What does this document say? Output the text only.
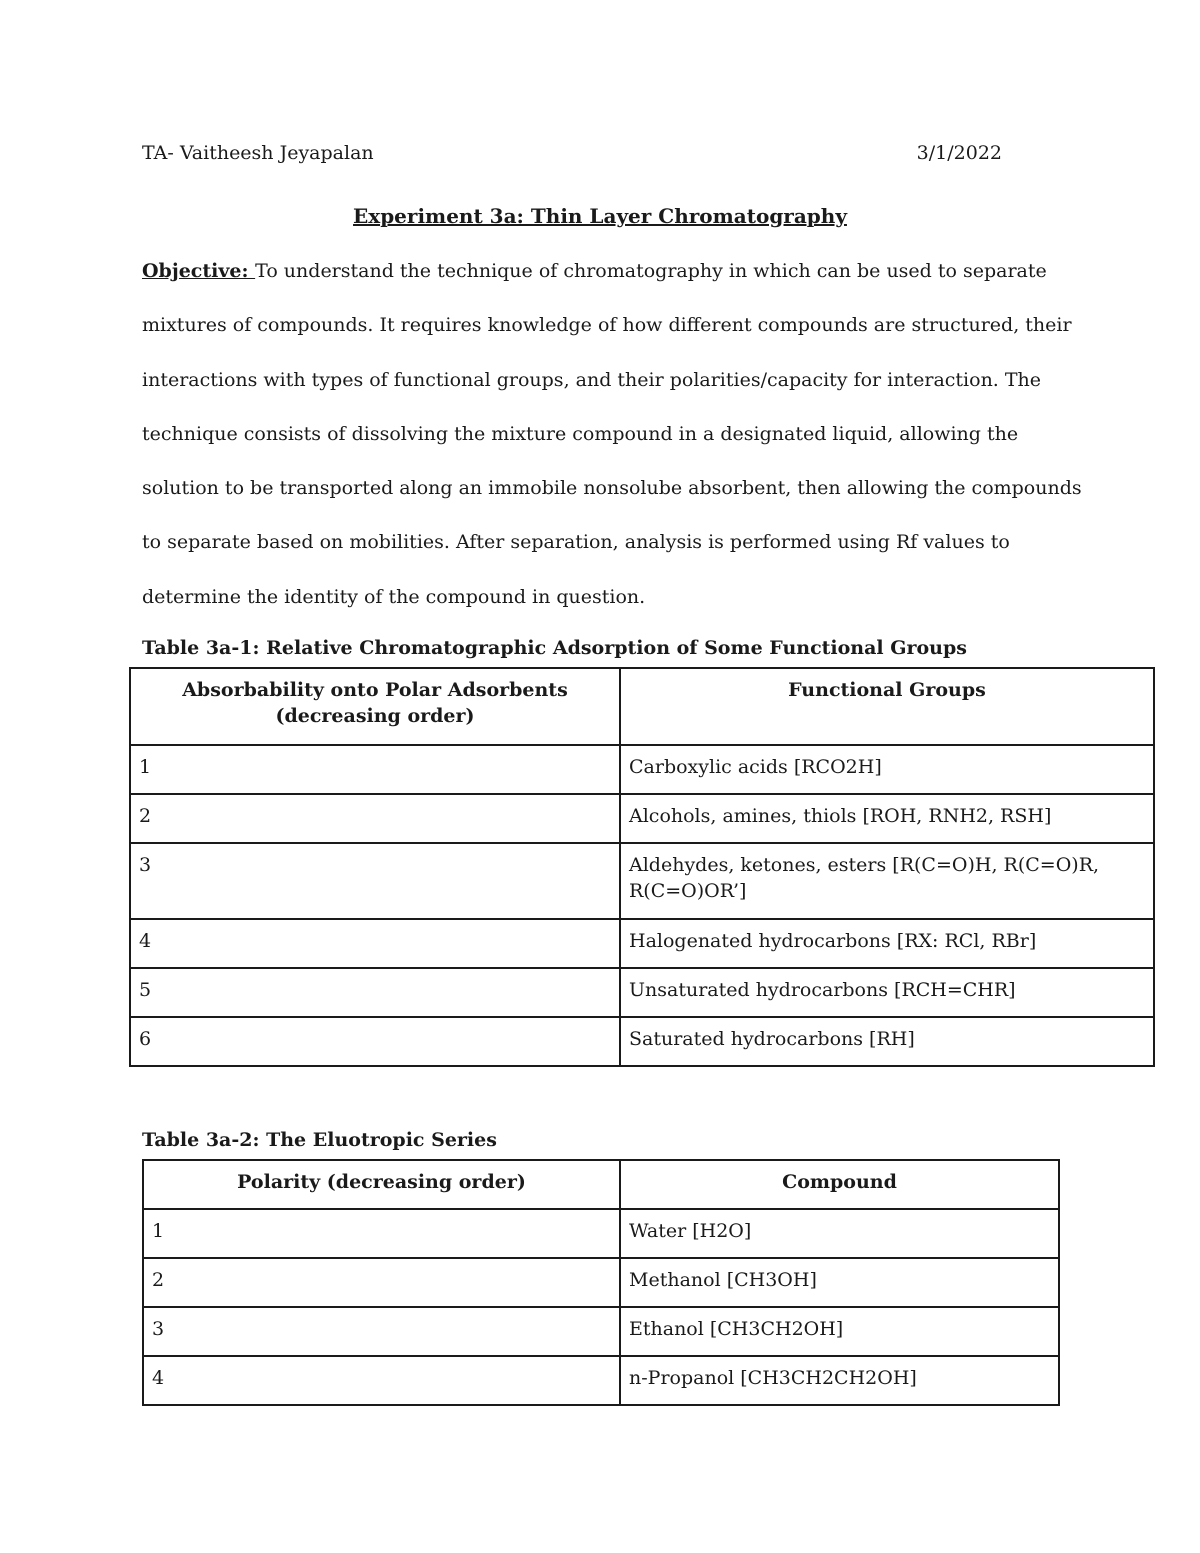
TA- Vaitheesh Jeyapalan	3/1/2022
Experiment 3a: Thin Layer Chromatography
Objective: To understand the technique of chromatography in which can be used to separate
mixtures of compounds. It requires knowledge of how different compounds are structured, their
interactions with types of functional groups, and their polarities/capacity for interaction. The
technique consists of dissolving the mixture compound in a designated liquid, allowing the
solution to be transported along an immobile nonsolube absorbent, then allowing the compounds
to separate based on mobilities. After separation, analysis is performed using Rf values to
determine the identity of the compound in question.
Table 3a-1: Relative Chromatographic Adsorption of Some Functional Groups
Absorbability onto Polar Adsorbents
(decreasing order)	Functional Groups
1	Carboxylic acids [RCO2H]
2	Alcohols, amines, thiols [ROH, RNH2, RSH]
3	Aldehydes, ketones, esters [R(C=O)H, R(C=O)R,
R(C=O)OR’]

4	Halogenated hydrocarbons [RX: RCl, RBr]
5	Unsaturated hydrocarbons [RCH=CHR]
6	Saturated hydrocarbons [RH]
Table 3a-2: The Eluotropic Series
Polarity (decreasing order)	Compound
1	Water [H2O]
2	Methanol [CH3OH]
3	Ethanol [CH3CH2OH]
4	n-Propanol [CH3CH2CH2OH]
